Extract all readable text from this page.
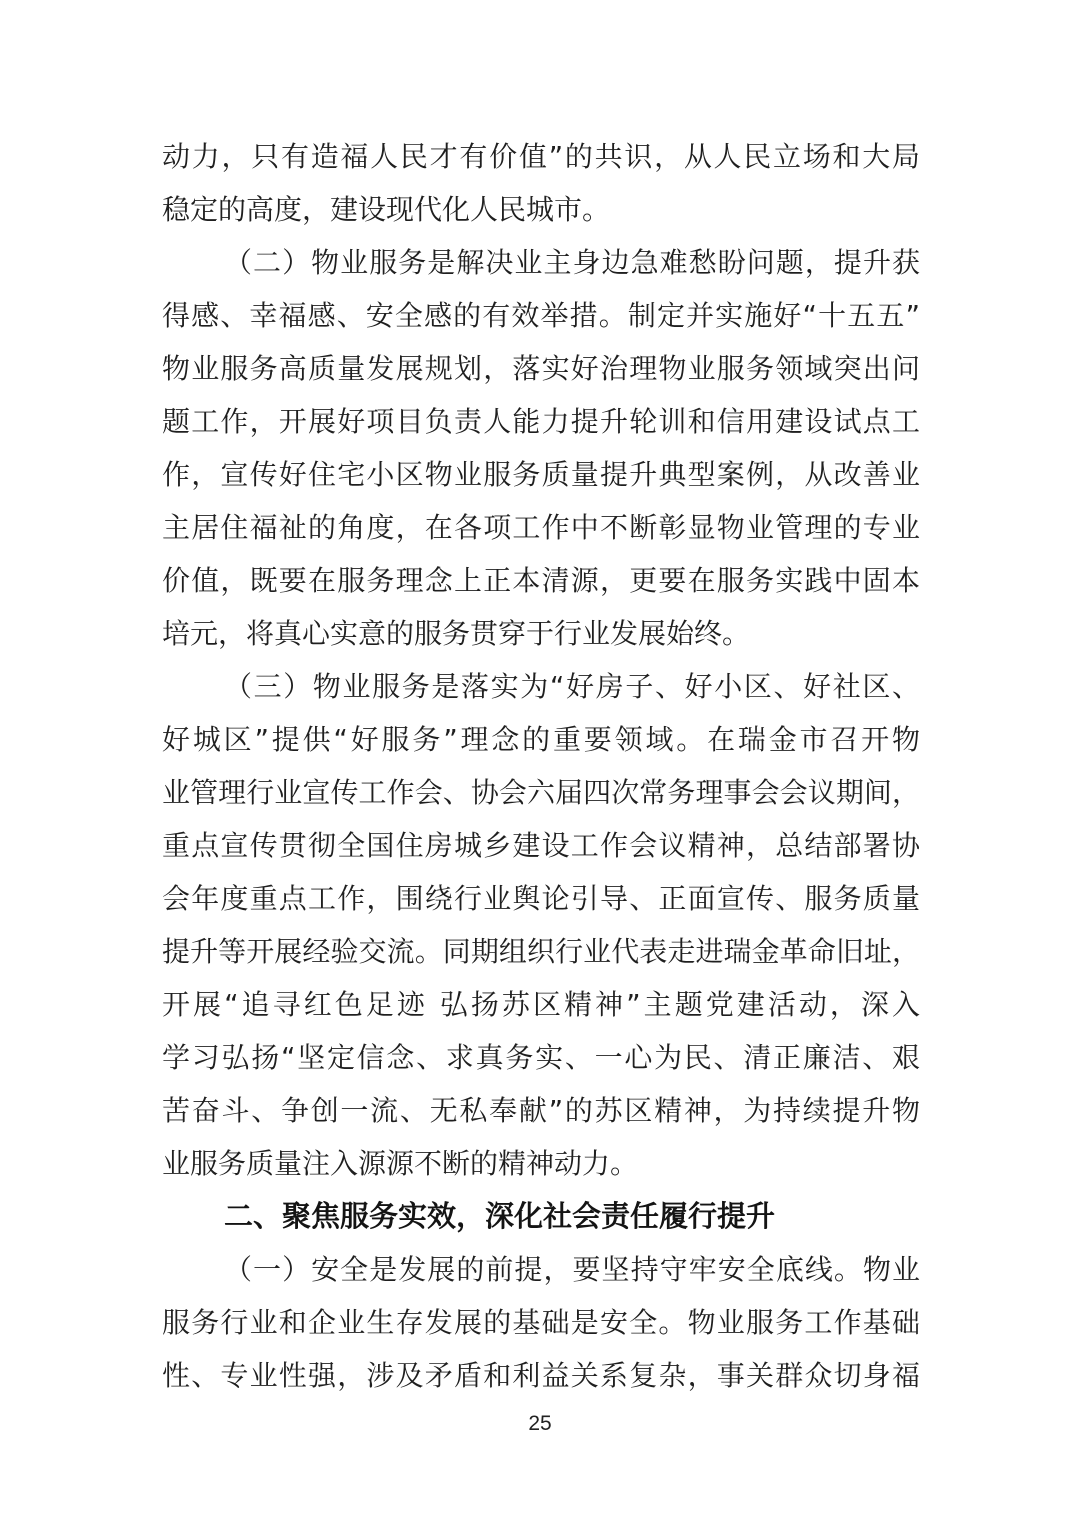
动力，只有造福人民才有价值”的共识，从人民立场和大局
稳定的高度，建设现代化人民城市。
（二）物业服务是解决业主身边急难愁盼问题，提升获
得感、幸福感、安全感的有效举措。制定并实施好“十五五”
物业服务高质量发展规划，落实好治理物业服务领域突出问
题工作，开展好项目负责人能力提升轮训和信用建设试点工
作，宣传好住宅小区物业服务质量提升典型案例，从改善业
主居住福祉的角度，在各项工作中不断彰显物业管理的专业
价值，既要在服务理念上正本清源，更要在服务实践中固本
培元，将真心实意的服务贯穿于行业发展始终。
（三）物业服务是落实为“好房子、好小区、好社区、
好城区”提供“好服务”理念的重要领域。在瑞金市召开物
业管理行业宣传工作会、协会六届四次常务理事会会议期间，
重点宣传贯彻全国住房城乡建设工作会议精神，总结部署协
会年度重点工作，围绕行业舆论引导、正面宣传、服务质量
提升等开展经验交流。同期组织行业代表走进瑞金革命旧址，
开展“追寻红色足迹 弘扬苏区精神”主题党建活动，深入
学习弘扬“坚定信念、求真务实、一心为民、清正廉洁、艰
苦奋斗、争创一流、无私奉献”的苏区精神，为持续提升物
业服务质量注入源源不断的精神动力。
二、聚焦服务实效，深化社会责任履行提升
（一）安全是发展的前提，要坚持守牢安全底线。物业
服务行业和企业生存发展的基础是安全。物业服务工作基础
性、专业性强，涉及矛盾和利益关系复杂，事关群众切身福
25
